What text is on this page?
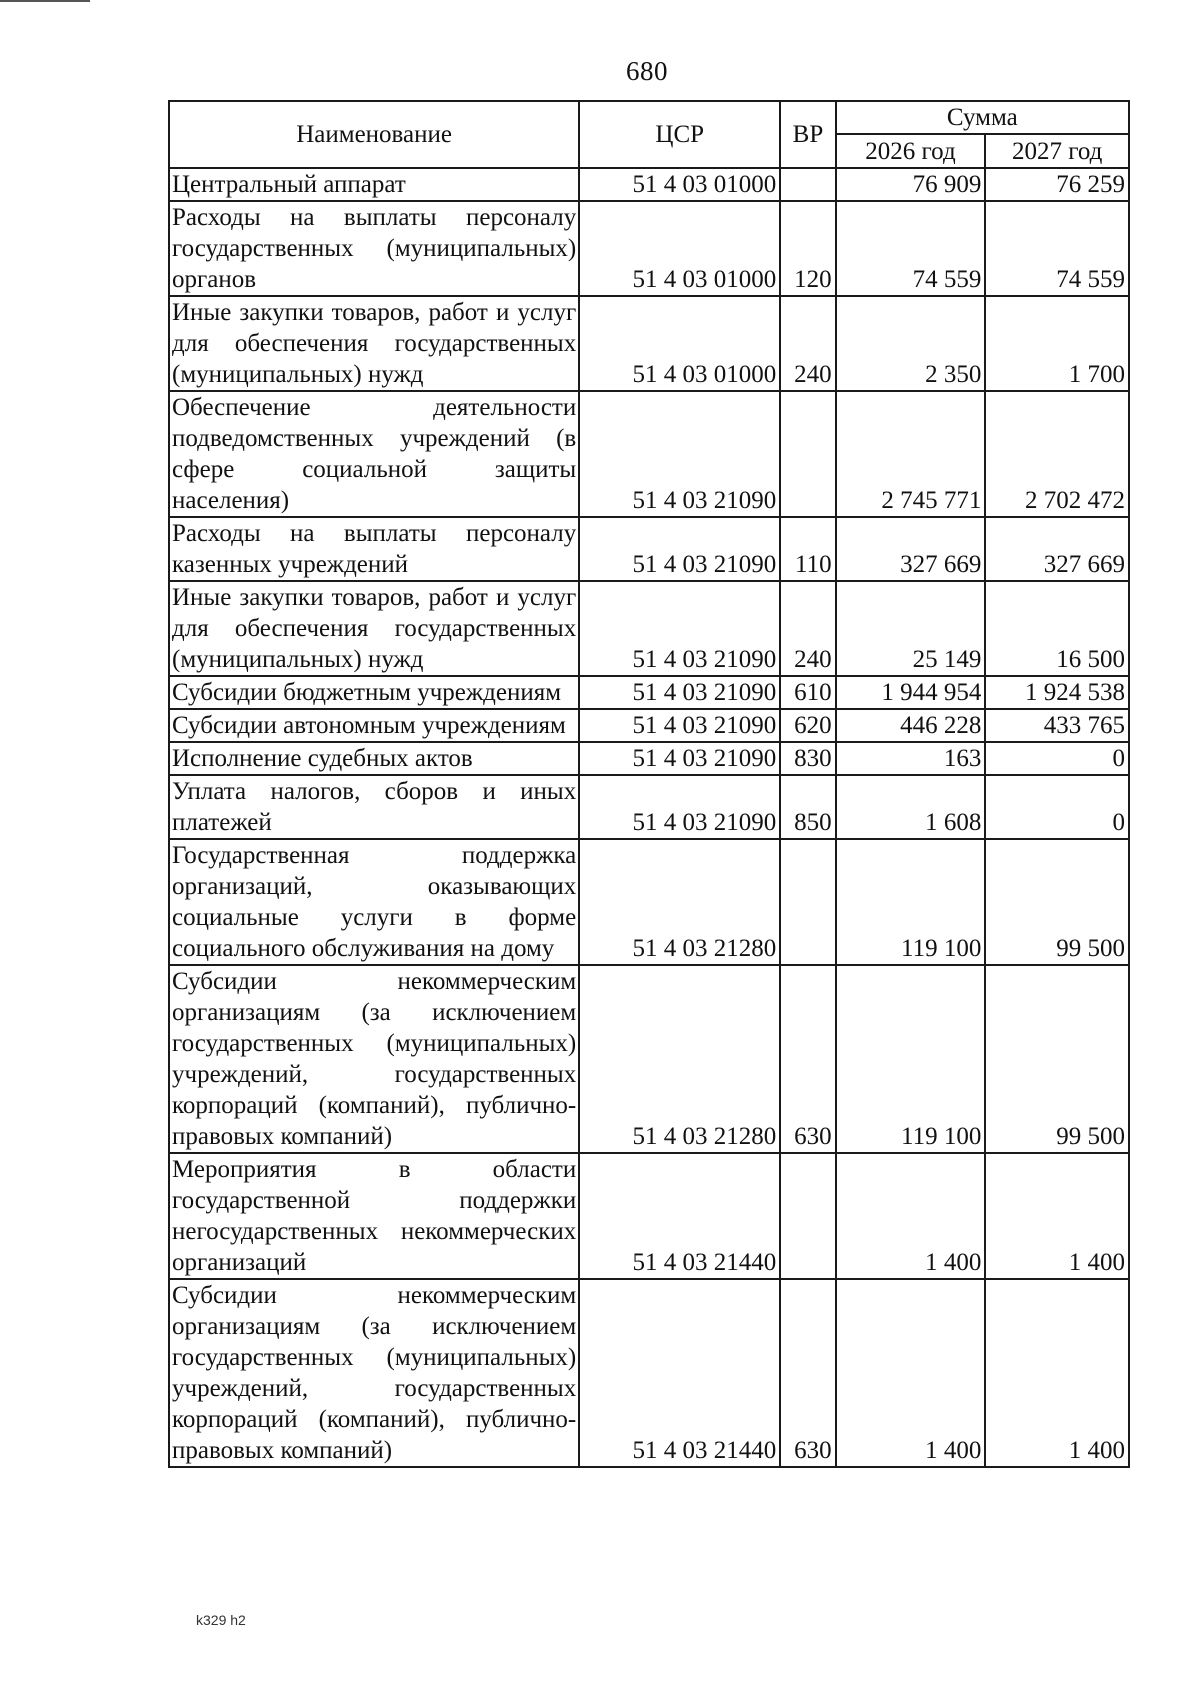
680
Наименование	ЦСР	ВР	Сумма	
			2026 год	2027 год
Центральный аппарат	51 4 03 01000		76 909	76 259
Расходы на выплаты персоналу государственных (муниципальных) органов	51 4 03 01000	120	74 559	74 559
Иные закупки товаров, работ и услуг для обеспечения государственных (муниципальных) нужд	51 4 03 01000	240	2 350	1 700
Обеспечение деятельности подведомственных учреждений (в сфере социальной защиты населения)	51 4 03 21090		2 745 771	2 702 472
Расходы на выплаты персоналу казенных учреждений	51 4 03 21090	110	327 669	327 669
Иные закупки товаров, работ и услуг для обеспечения государственных (муниципальных) нужд	51 4 03 21090	240	25 149	16 500
Субсидии бюджетным учреждениям	51 4 03 21090	610	1 944 954	1 924 538
Субсидии автономным учреждениям	51 4 03 21090	620	446 228	433 765
Исполнение судебных актов	51 4 03 21090	830	163	0
Уплата налогов, сборов и иных платежей	51 4 03 21090	850	1 608	0
Государственная поддержка организаций, оказывающих социальные услуги в форме социального обслуживания на дому	51 4 03 21280		119 100	99 500
Субсидии некоммерческим организациям (за исключением государственных (муниципальных) учреждений, государственных корпораций (компаний), публично-правовых компаний)	51 4 03 21280	630	119 100	99 500
Мероприятия в области государственной поддержки негосударственных некоммерческих организаций	51 4 03 21440		1 400	1 400
Субсидии некоммерческим организациям (за исключением государственных (муниципальных) учреждений, государственных корпораций (компаний), публично-правовых компаний)	51 4 03 21440	630	1 400	1 400
k329 h2
